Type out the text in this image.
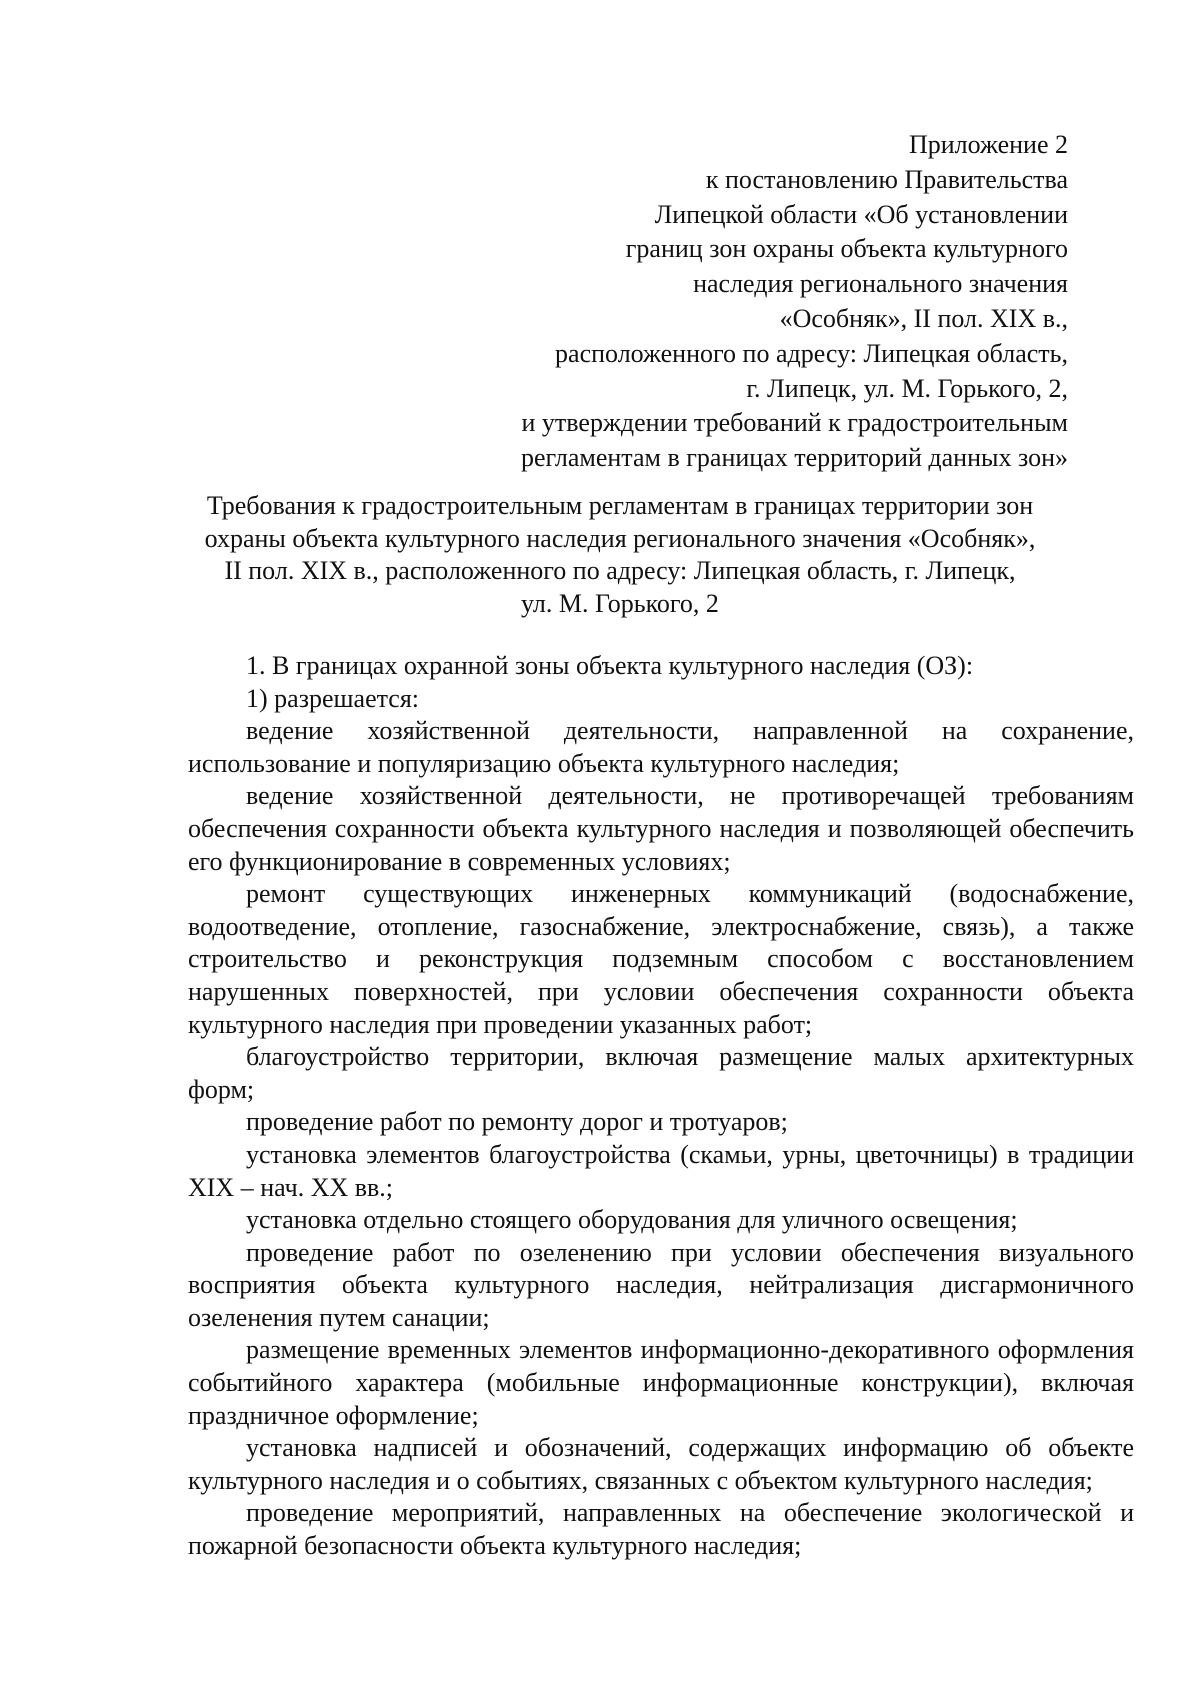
Приложение 2
к постановлению Правительства
Липецкой области «Об установлении
границ зон охраны объекта культурного
наследия регионального значения
«Особняк», II пол. XIX в.,
расположенного по адресу: Липецкая область,
г. Липецк, ул. М. Горького, 2,
и утверждении требований к градостроительным
регламентам в границах территорий данных зон»
Требования к градостроительным регламентам в границах территории зон
охраны объекта культурного наследия регионального значения «Особняк»,
II пол. XIX в., расположенного по адресу: Липецкая область, г. Липецк,
ул. М. Горького, 2

1. В границах охранной зоны объекта культурного наследия (ОЗ):

1) разрешается:

ведение хозяйственной деятельности, направленной на сохранение, использование и популяризацию объекта культурного наследия;

ведение хозяйственной деятельности, не противоречащей требованиям обеспечения сохранности объекта культурного наследия и позволяющей обеспечить его функционирование в современных условиях;

ремонт существующих инженерных коммуникаций (водоснабжение, водоотведение, отопление, газоснабжение, электроснабжение, связь), а также строительство и реконструкция подземным способом с восстановлением нарушенных поверхностей, при условии обеспечения сохранности объекта культурного наследия при проведении указанных работ;

благоустройство территории, включая размещение малых архитектурных форм;

проведение работ по ремонту дорог и тротуаров;

установка элементов благоустройства (скамьи, урны, цветочницы) в традиции XIX – нач. XX вв.;

установка отдельно стоящего оборудования для уличного освещения;

проведение работ по озеленению при условии обеспечения визуального восприятия объекта культурного наследия, нейтрализация дисгармоничного озеленения путем санации;

размещение временных элементов информационно-декоративного оформления событийного характера (мобильные информационные конструкции), включая праздничное оформление;

установка надписей и обозначений, содержащих информацию об объекте культурного наследия и о событиях, связанных с объектом культурного наследия;

проведение мероприятий, направленных на обеспечение экологической и пожарной безопасности объекта культурного наследия;
